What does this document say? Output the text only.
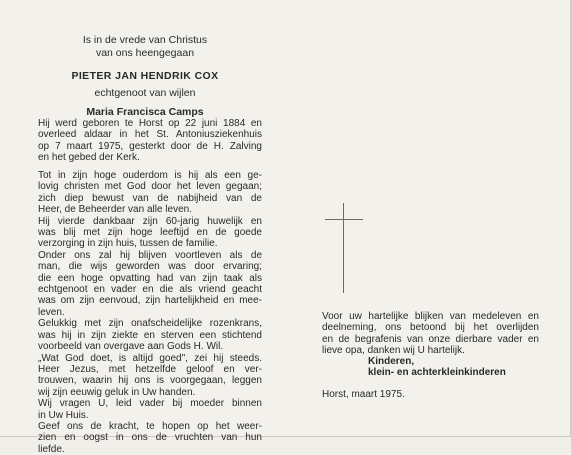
Is in de vrede van Christus
van ons heengegaan
PIETER JAN HENDRIK COX
echtgenoot van wijlen
Maria Francisca Camps
Hij werd geboren te Horst op 22 juni 1884 en
overleed aldaar in het St. Antoniusziekenhuis
op 7 maart 1975, gesterkt door de H. Zalving
en het gebed der Kerk.
Tot in zijn hoge ouderdom is hij als een ge-
lovig christen met God door het leven gegaan;
zich diep bewust van de nabijheid van de
Heer, de Beheerder van alle leven.
Hij vierde dankbaar zijn 60-jarig huwelijk en
was blij met zijn hoge leeftijd en de goede
verzorging in zijn huis, tussen de familie.
Onder ons zal hij blijven voortleven als de
man, die wijs geworden was door ervaring;
die een hoge opvatting had van zijn taak als
echtgenoot en vader en die als vriend geacht
was om zijn eenvoud, zijn hartelijkheid en mee-
leven.
Gelukkig met zijn onafscheidelijke rozenkrans,
was hij in zijn ziekte en sterven een stichtend
voorbeeld van overgave aan Gods H. Wil.
„Wat God doet, is altijd goed", zei hij steeds.
Heer Jezus, met hetzelfde geloof en ver-
trouwen, waarin hij ons is voorgegaan, leggen
wij zijn eeuwig geluk in Uw handen.
Wij vragen U, leid vader bij moeder binnen
in Uw Huis.
Geef ons de kracht, te hopen op het weer-
zien en oogst in ons de vruchten van hun
liefde.
Voor uw hartelijke blijken van medeleven en
deelneming, ons betoond bij het overlijden
en de begrafenis van onze dierbare vader en
lieve opa, danken wij U hartelijk.
Kinderen,
klein- en achterkleinkinderen
Horst, maart 1975.
